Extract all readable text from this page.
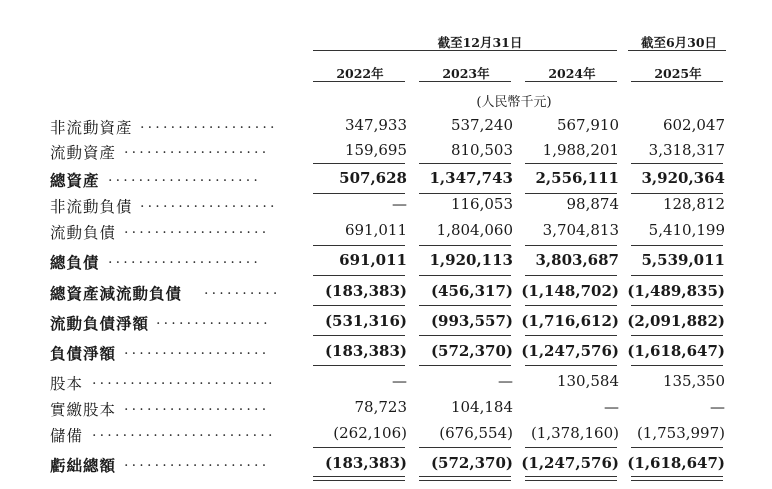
截至12月31日	截至6月30日
2022年	2023年	2024年	2025年
(人民幣千元)
非流動資產 ..................	347,933	537,240	567,910	602,047
流動資產 ...................	159,695	810,503	1,988,201	3,318,317
總資產 ....................	507,628	1,347,743	2,556,111	3,920,364
非流動負債 ..................	—	116,053	98,874	128,812
流動負債 ...................	691,011	1,804,060	3,704,813	5,410,199
總負債 ....................	691,011	1,920,113	3,803,687	5,539,011
總資產減流動負債 ..........	(183,383)	(456,317) (1,148,702) (1,489,835)
流動負債淨額 ...............	(531,316)	(993,557) (1,716,612) (2,091,882)
負債淨額 ...................	(183,383)	(572,370) (1,247,576) (1,618,647)
股本 ........................	—	—	130,584	135,350
實繳股本 ...................	78,723	104,184	—	—
儲備 ........................	(262,106)	(676,554)	(1,378,160)	(1,753,997)
虧絀總額 ...................	(183,383)	(572,370) (1,247,576) (1,618,647)
